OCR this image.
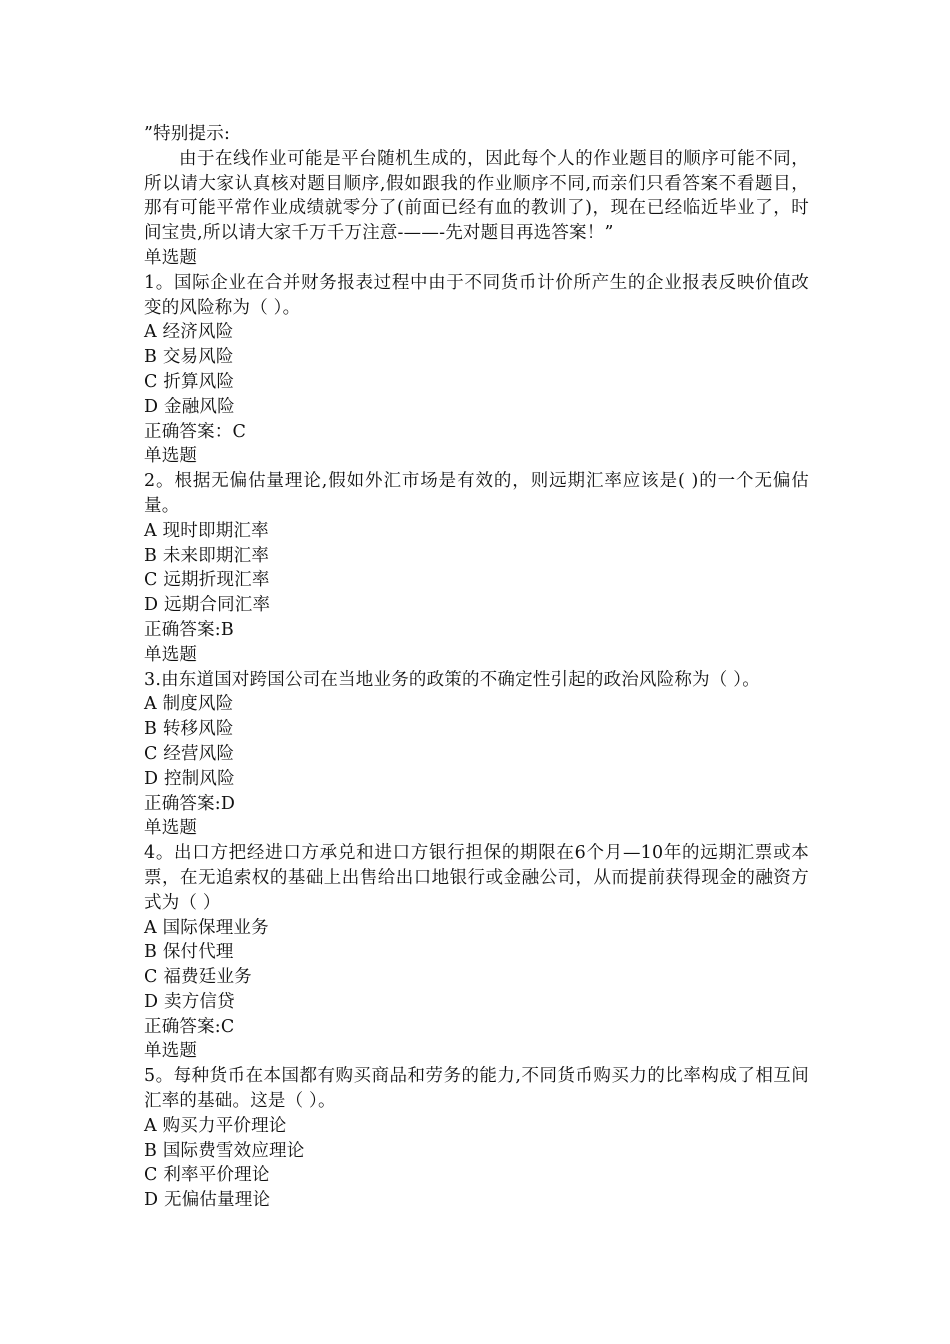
”特别提示:
由于在线作业可能是平台随机生成的，因此每个人的作业题目的顺序可能不同，所以请大家认真核对题目顺序,假如跟我的作业顺序不同,而亲们只看答案不看题目，那有可能平常作业成绩就零分了(前面已经有血的教训了)，现在已经临近毕业了，时间宝贵,所以请大家千万千万注意-——-先对题目再选答案！”
单选题
1。国际企业在合并财务报表过程中由于不同货币计价所产生的企业报表反映价值改变的风险称为（ ）。
A 经济风险
B 交易风险
C 折算风险
D 金融风险
正确答案：C
单选题
2。根据无偏估量理论,假如外汇市场是有效的，则远期汇率应该是( )的一个无偏估量。
A 现时即期汇率
B 未来即期汇率
C 远期折现汇率
D 远期合同汇率
正确答案:B
单选题
3.由东道国对跨国公司在当地业务的政策的不确定性引起的政治风险称为（ ）。
A 制度风险
B 转移风险
C 经营风险
D 控制风险
正确答案:D
单选题
4。出口方把经进口方承兑和进口方银行担保的期限在6个月—10年的远期汇票或本票，在无追索权的基础上出售给出口地银行或金融公司，从而提前获得现金的融资方式为（ ）
A 国际保理业务
B 保付代理
C 福费廷业务
D 卖方信贷
正确答案:C
单选题
5。每种货币在本国都有购买商品和劳务的能力,不同货币购买力的比率构成了相互间汇率的基础。这是（ ）。
A 购买力平价理论
B 国际费雪效应理论
C 利率平价理论
D 无偏估量理论
